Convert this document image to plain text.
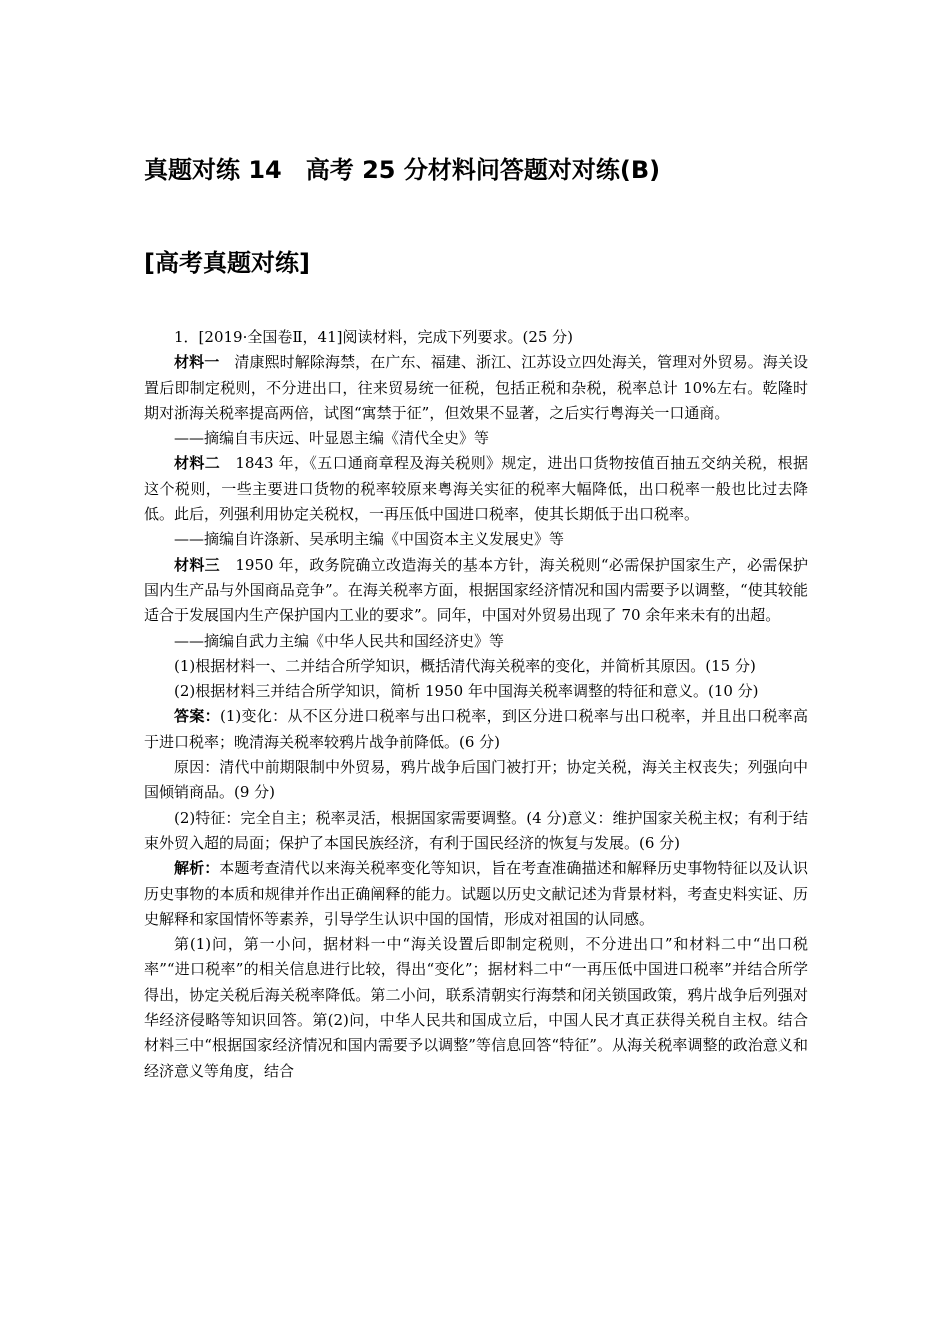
真题对练 14　高考 25 分材料问答题对对练(B)
[高考真题对练]

1．[2019·全国卷Ⅱ，41]阅读材料，完成下列要求。(25 分)

材料一　清康熙时解除海禁，在广东、福建、浙江、江苏设立四处海关，管理对外贸易。海关设置后即制定税则，不分进出口，往来贸易统一征税，包括正税和杂税，税率总计 10%左右。乾隆时期对浙海关税率提高两倍，试图“寓禁于征”，但效果不显著，之后实行粤海关一口通商。

——摘编自韦庆远、叶显恩主编《清代全史》等

材料二　1843 年，《五口通商章程及海关税则》规定，进出口货物按值百抽五交纳关税，根据这个税则，一些主要进口货物的税率较原来粤海关实征的税率大幅降低，出口税率一般也比过去降低。此后，列强利用协定关税权，一再压低中国进口税率，使其长期低于出口税率。

——摘编自许涤新、吴承明主编《中国资本主义发展史》等

材料三　1950 年，政务院确立改造海关的基本方针，海关税则“必需保护国家生产，必需保护国内生产品与外国商品竞争”。在海关税率方面，根据国家经济情况和国内需要予以调整，“使其较能适合于发展国内生产保护国内工业的要求”。同年，中国对外贸易出现了 70 余年来未有的出超。

——摘编自武力主编《中华人民共和国经济史》等

(1)根据材料一、二并结合所学知识，概括清代海关税率的变化，并简析其原因。(15 分)

(2)根据材料三并结合所学知识，简析 1950 年中国海关税率调整的特征和意义。(10 分)

答案：(1)变化：从不区分进口税率与出口税率，到区分进口税率与出口税率，并且出口税率高于进口税率；晚清海关税率较鸦片战争前降低。(6 分)

原因：清代中前期限制中外贸易，鸦片战争后国门被打开；协定关税，海关主权丧失；列强向中国倾销商品。(9 分)

(2)特征：完全自主；税率灵活，根据国家需要调整。(4 分)意义：维护国家关税主权；有利于结束外贸入超的局面；保护了本国民族经济，有利于国民经济的恢复与发展。(6 分)

解析：本题考查清代以来海关税率变化等知识，旨在考查准确描述和解释历史事物特征以及认识历史事物的本质和规律并作出正确阐释的能力。试题以历史文献记述为背景材料，考查史料实证、历史解释和家国情怀等素养，引导学生认识中国的国情，形成对祖国的认同感。

第(1)问，第一小问，据材料一中“海关设置后即制定税则，不分进出口”和材料二中“出口税率”“进口税率”的相关信息进行比较，得出“变化”；据材料二中“一再压低中国进口税率”并结合所学得出，协定关税后海关税率降低。第二小问，联系清朝实行海禁和闭关锁国政策，鸦片战争后列强对华经济侵略等知识回答。第(2)问，中华人民共和国成立后，中国人民才真正获得关税自主权。结合材料三中“根据国家经济情况和国内需要予以调整”等信息回答“特征”。从海关税率调整的政治意义和经济意义等角度，结合
